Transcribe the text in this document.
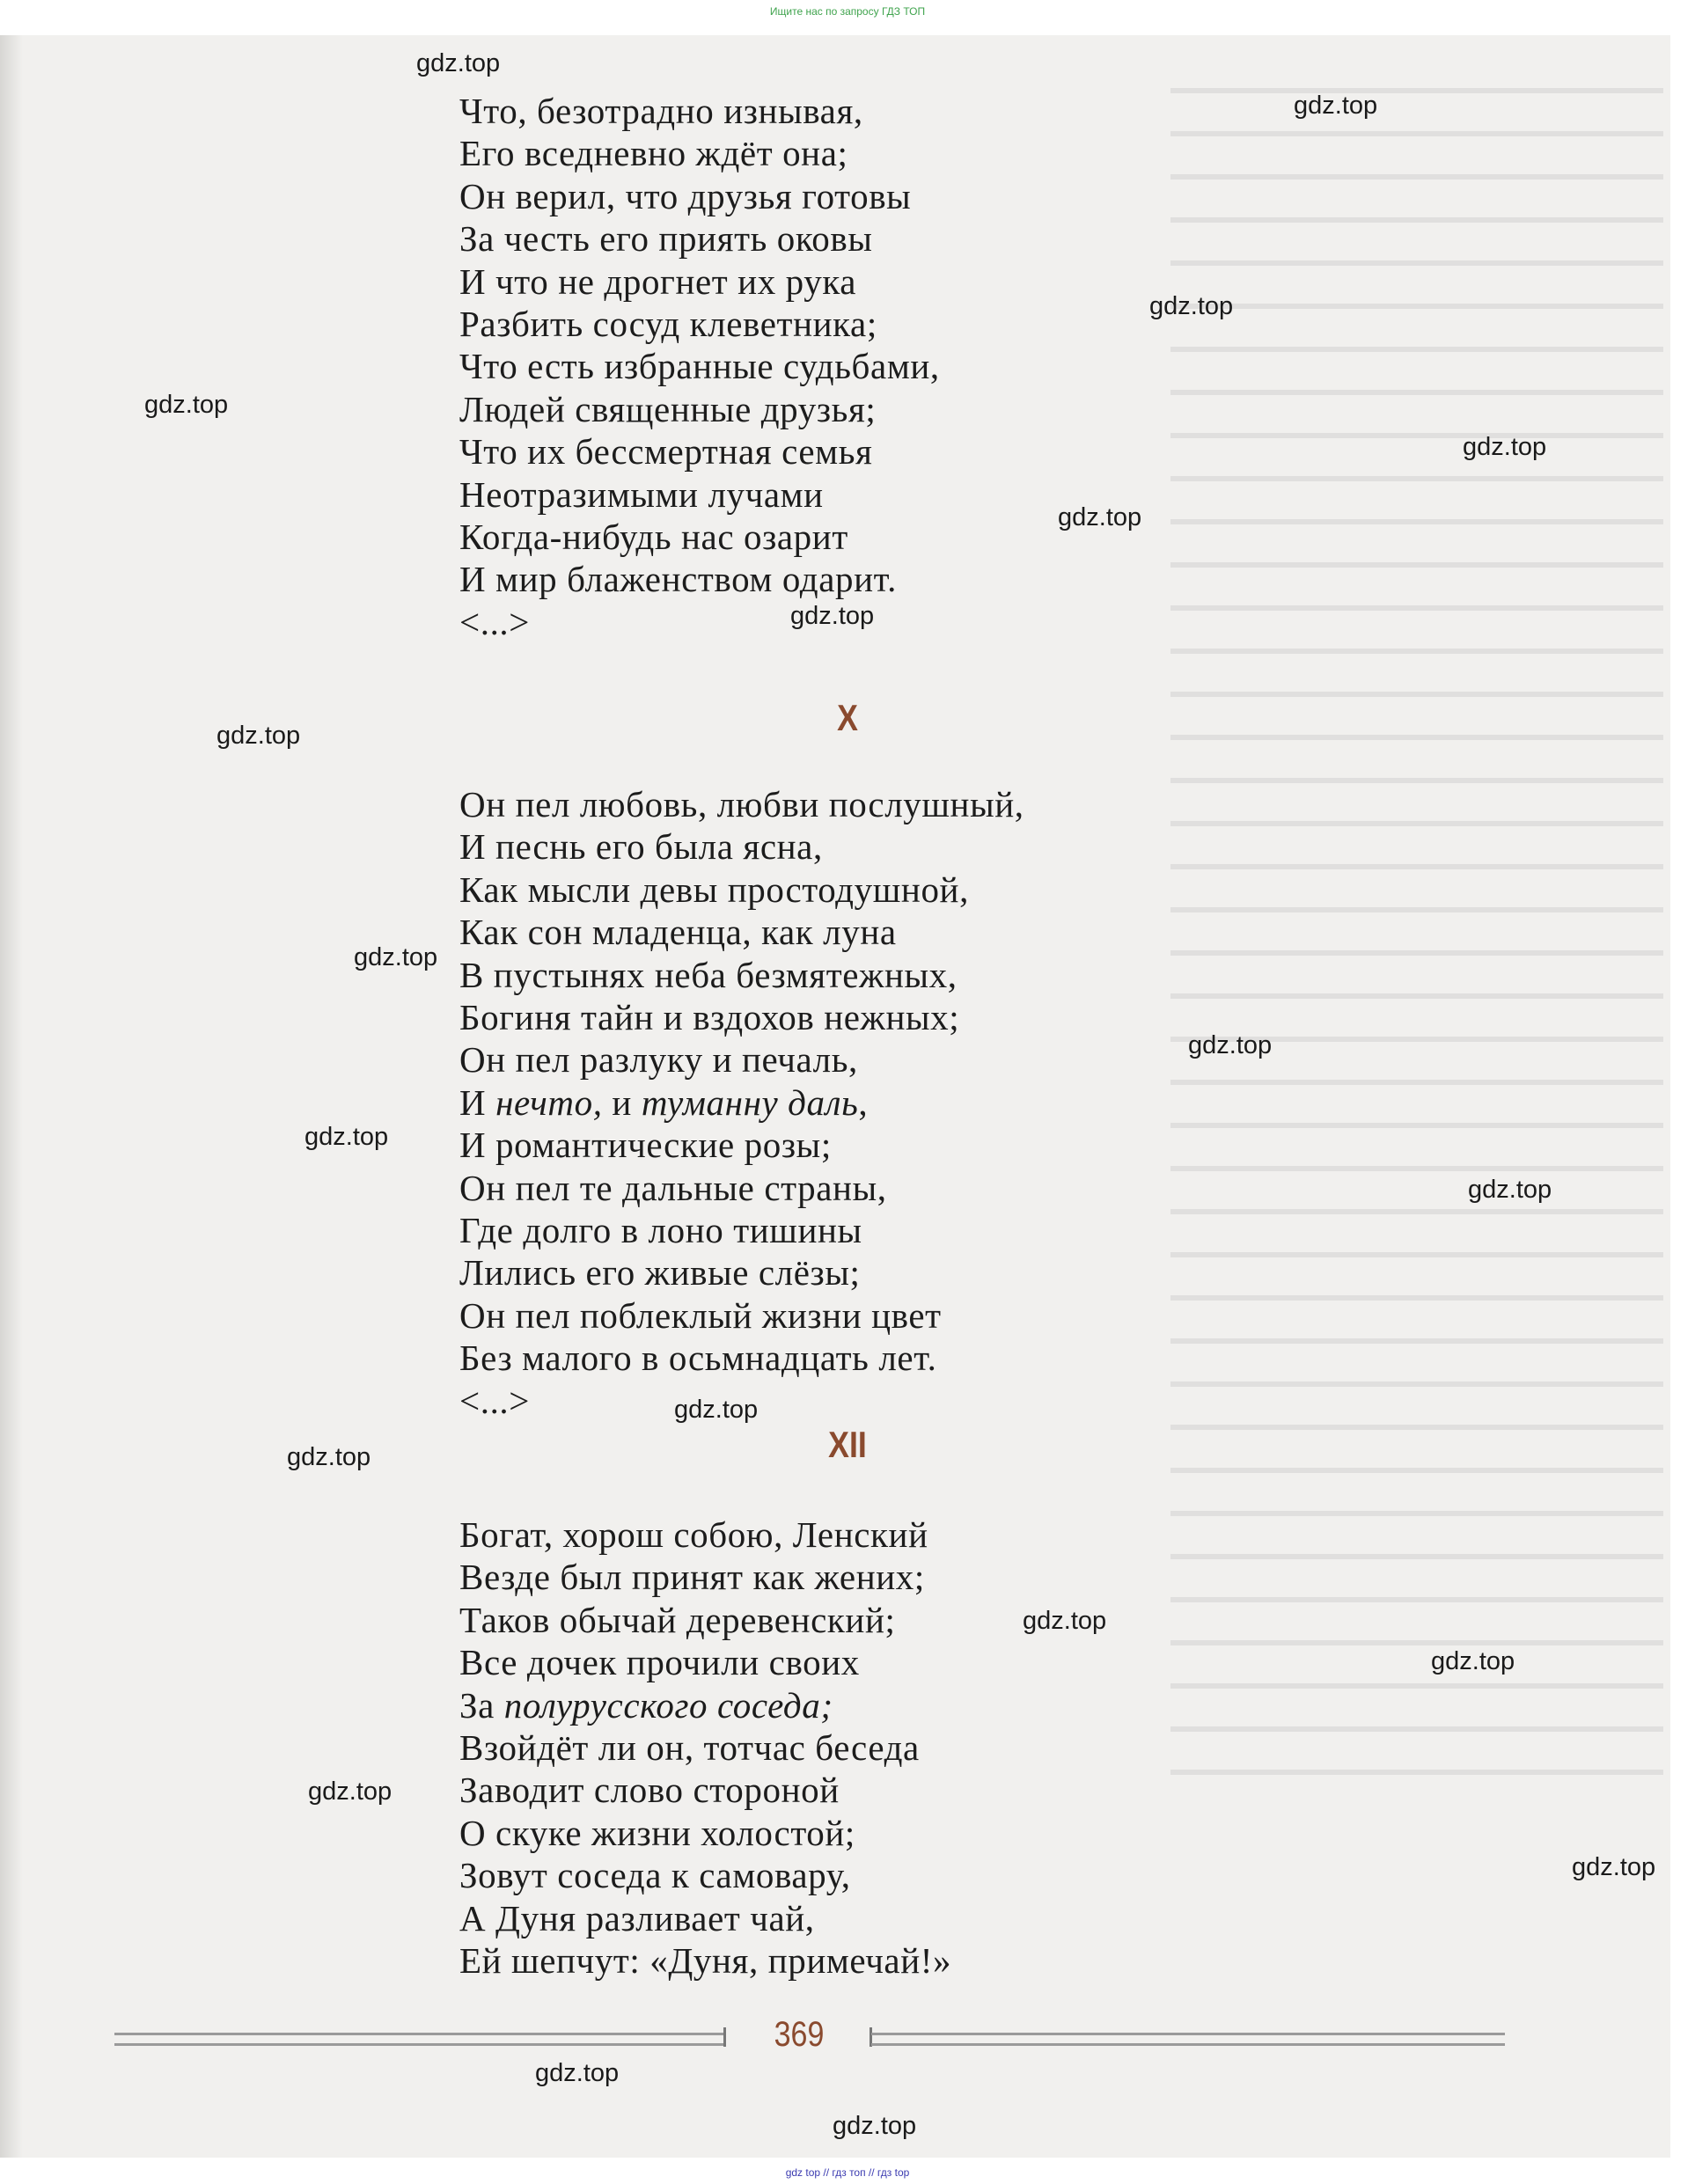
Ищите нас по запросу ГДЗ ТОП
Что, безотрадно изнывая,
Его вседневно ждёт она;
Он верил, что друзья готовы
За честь его приять оковы
И что не дрогнет их рука
Разбить сосуд клеветника;
Что есть избранные судьбами,
Людей священные друзья;
Что их бессмертная семья
Неотразимыми лучами
Когда-нибудь нас озарит
И мир блаженством одарит.
<...>
X
Он пел любовь, любви послушный,
И песнь его была ясна,
Как мысли девы простодушной,
Как сон младенца, как луна
В пустынях неба безмятежных,
Богиня тайн и вздохов нежных;
Он пел разлуку и печаль,
И нечто, и туманну даль,
И романтические розы;
Он пел те дальные страны,
Где долго в лоно тишины
Лились его живые слёзы;
Он пел поблеклый жизни цвет
Без малого в осьмнадцать лет.
<...>
XII
Богат, хорош собою, Ленский
Везде был принят как жених;
Таков обычай деревенский;
Все дочек прочили своих
За полурусского соседа;
Взойдёт ли он, тотчас беседа
Заводит слово стороной
О скуке жизни холостой;
Зовут соседа к самовару,
А Дуня разливает чай,
Ей шепчут: «Дуня, примечай!»
369
gdz.top
gdz.top
gdz.top
gdz.top
gdz.top
gdz.top
gdz.top
gdz.top
gdz.top
gdz.top
gdz.top
gdz.top
gdz.top
gdz.top
gdz.top
gdz.top
gdz.top
gdz.top
gdz.top
gdz.top
gdz top // гдз топ // гдз top
